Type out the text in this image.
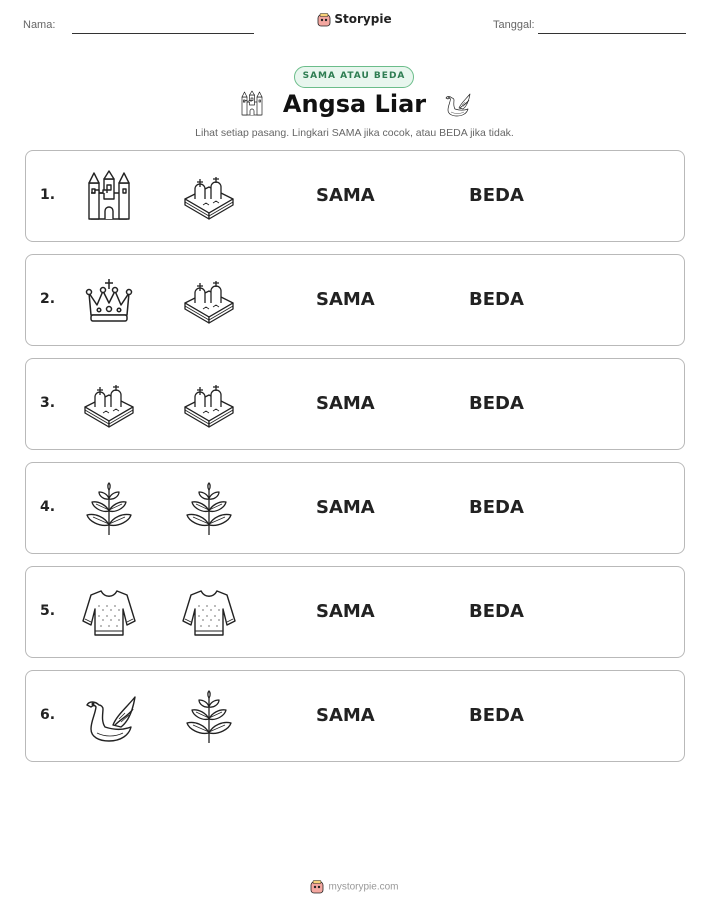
Nama:	Storypie	Tanggal:
SAMA ATAU BEDA
Angsa Liar
Lihat setiap pasang. Lingkari SAMA jika cocok, atau BEDA jika tidak.
1.	SAMA	BEDA
2.	SAMA	BEDA
3.	SAMA	BEDA
4.	SAMA	BEDA
5.	SAMA	BEDA
6.	SAMA	BEDA
mystorypie.com
